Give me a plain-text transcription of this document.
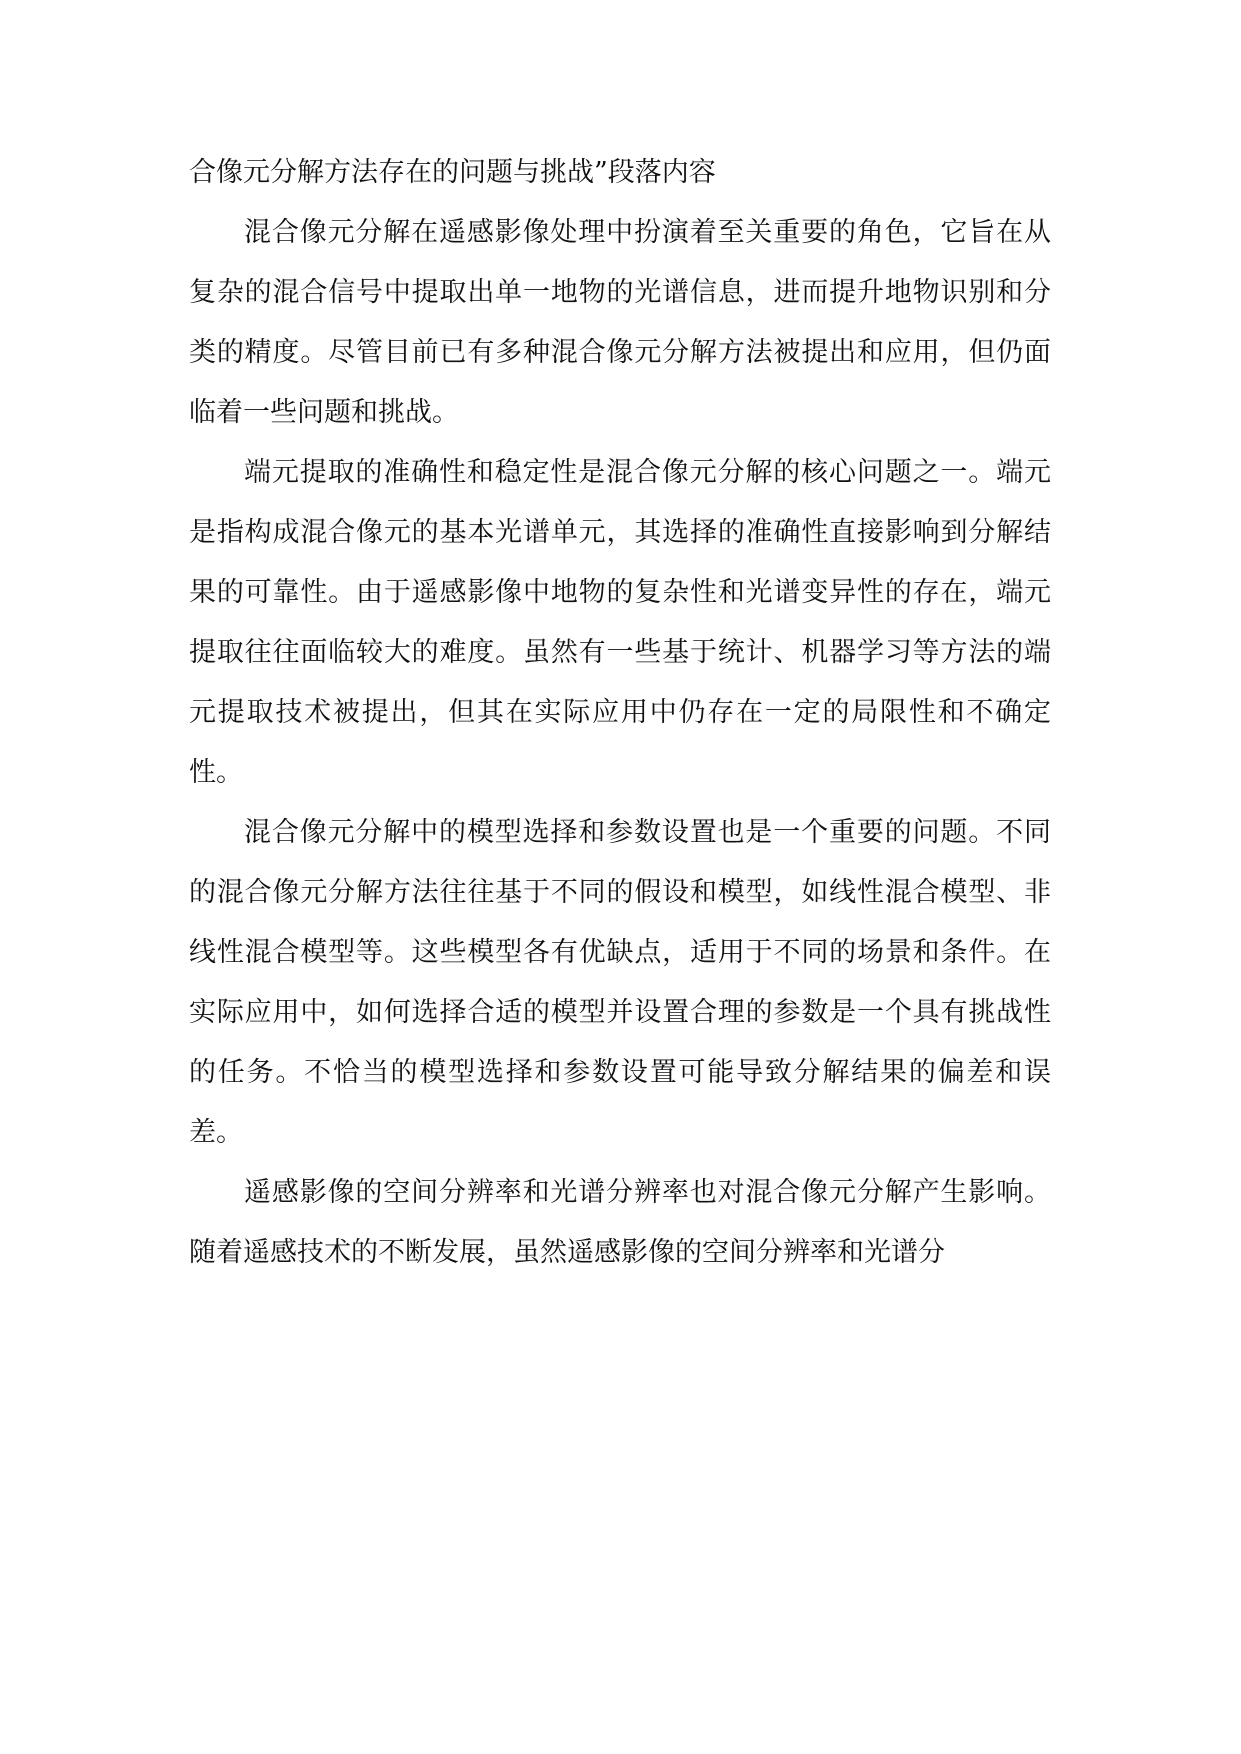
合像元分解方法存在的问题与挑战”段落内容

混合像元分解在遥感影像处理中扮演着至关重要的角色，它旨在从复杂的混合信号中提取出单一地物的光谱信息，进而提升地物识别和分类的精度。尽管目前已有多种混合像元分解方法被提出和应用，但仍面临着一些问题和挑战。

端元提取的准确性和稳定性是混合像元分解的核心问题之一。端元是指构成混合像元的基本光谱单元，其选择的准确性直接影响到分解结果的可靠性。由于遥感影像中地物的复杂性和光谱变异性的存在，端元提取往往面临较大的难度。虽然有一些基于统计、机器学习等方法的端元提取技术被提出，但其在实际应用中仍存在一定的局限性和不确定性。

混合像元分解中的模型选择和参数设置也是一个重要的问题。不同的混合像元分解方法往往基于不同的假设和模型，如线性混合模型、非线性混合模型等。这些模型各有优缺点，适用于不同的场景和条件。在实际应用中，如何选择合适的模型并设置合理的参数是一个具有挑战性的任务。不恰当的模型选择和参数设置可能导致分解结果的偏差和误差。

遥感影像的空间分辨率和光谱分辨率也对混合像元分解产生影响。随着遥感技术的不断发展，虽然遥感影像的空间分辨率和光谱分
